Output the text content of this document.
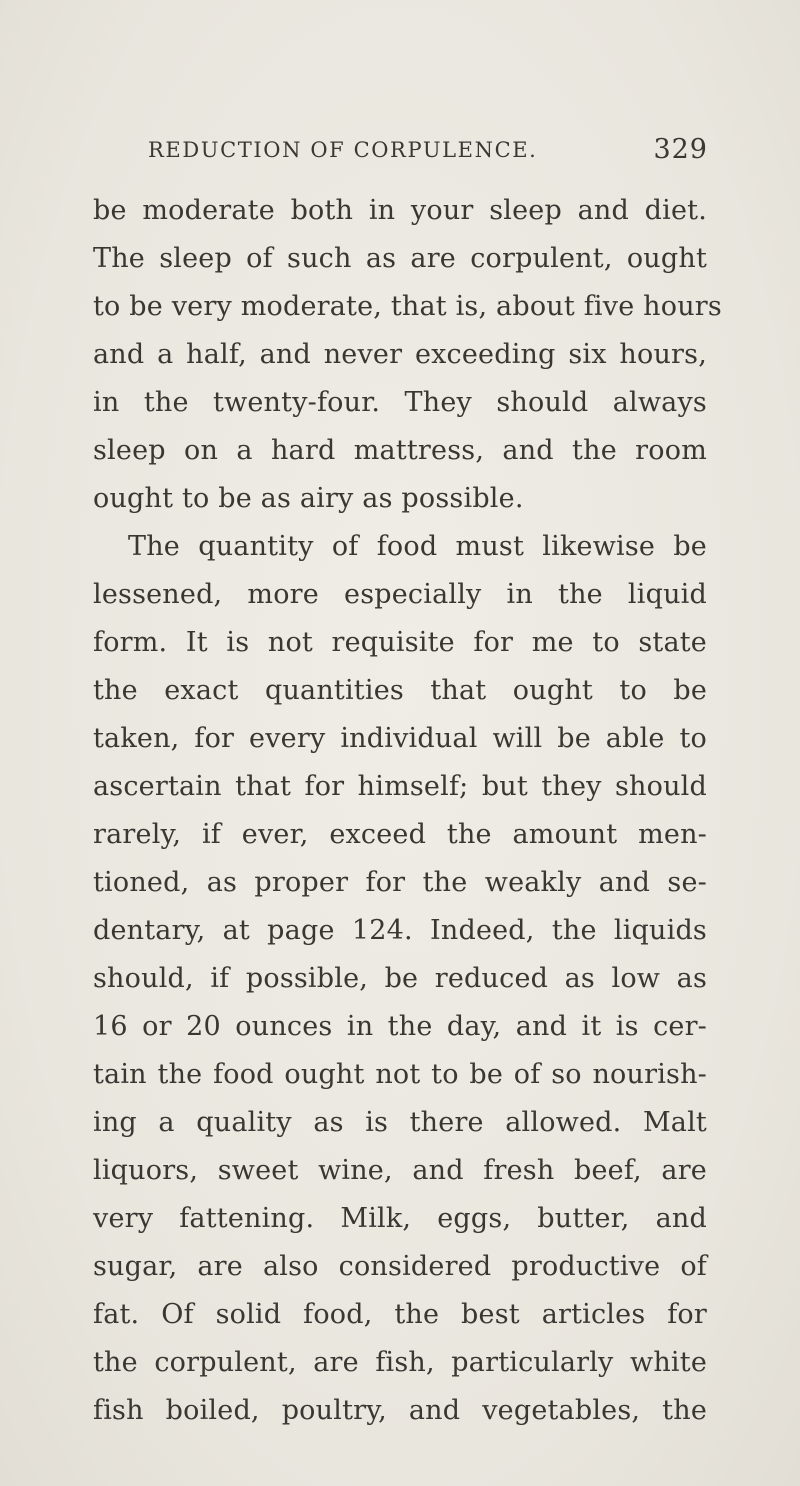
REDUCTION OF CORPULENCE.	329
be moderate both in your sleep and diet.
The sleep of such as are corpulent, ought
to be very moderate, that is, about five hours
and a half, and never exceeding six hours,
in the twenty-four. They should always
sleep on a hard mattress, and the room
ought to be as airy as possible.
The quantity of food must likewise be
lessened, more especially in the liquid
form. It is not requisite for me to state
the exact quantities that ought to be
taken, for every individual will be able to
ascertain that for himself; but they should
rarely, if ever, exceed the amount men-
tioned, as proper for the weakly and se-
dentary, at page 124. Indeed, the liquids
should, if possible, be reduced as low as
16 or 20 ounces in the day, and it is cer-
tain the food ought not to be of so nourish-
ing a quality as is there allowed. Malt
liquors, sweet wine, and fresh beef, are
very fattening. Milk, eggs, butter, and
sugar, are also considered productive of
fat. Of solid food, the best articles for
the corpulent, are fish, particularly white
fish boiled, poultry, and vegetables, the
